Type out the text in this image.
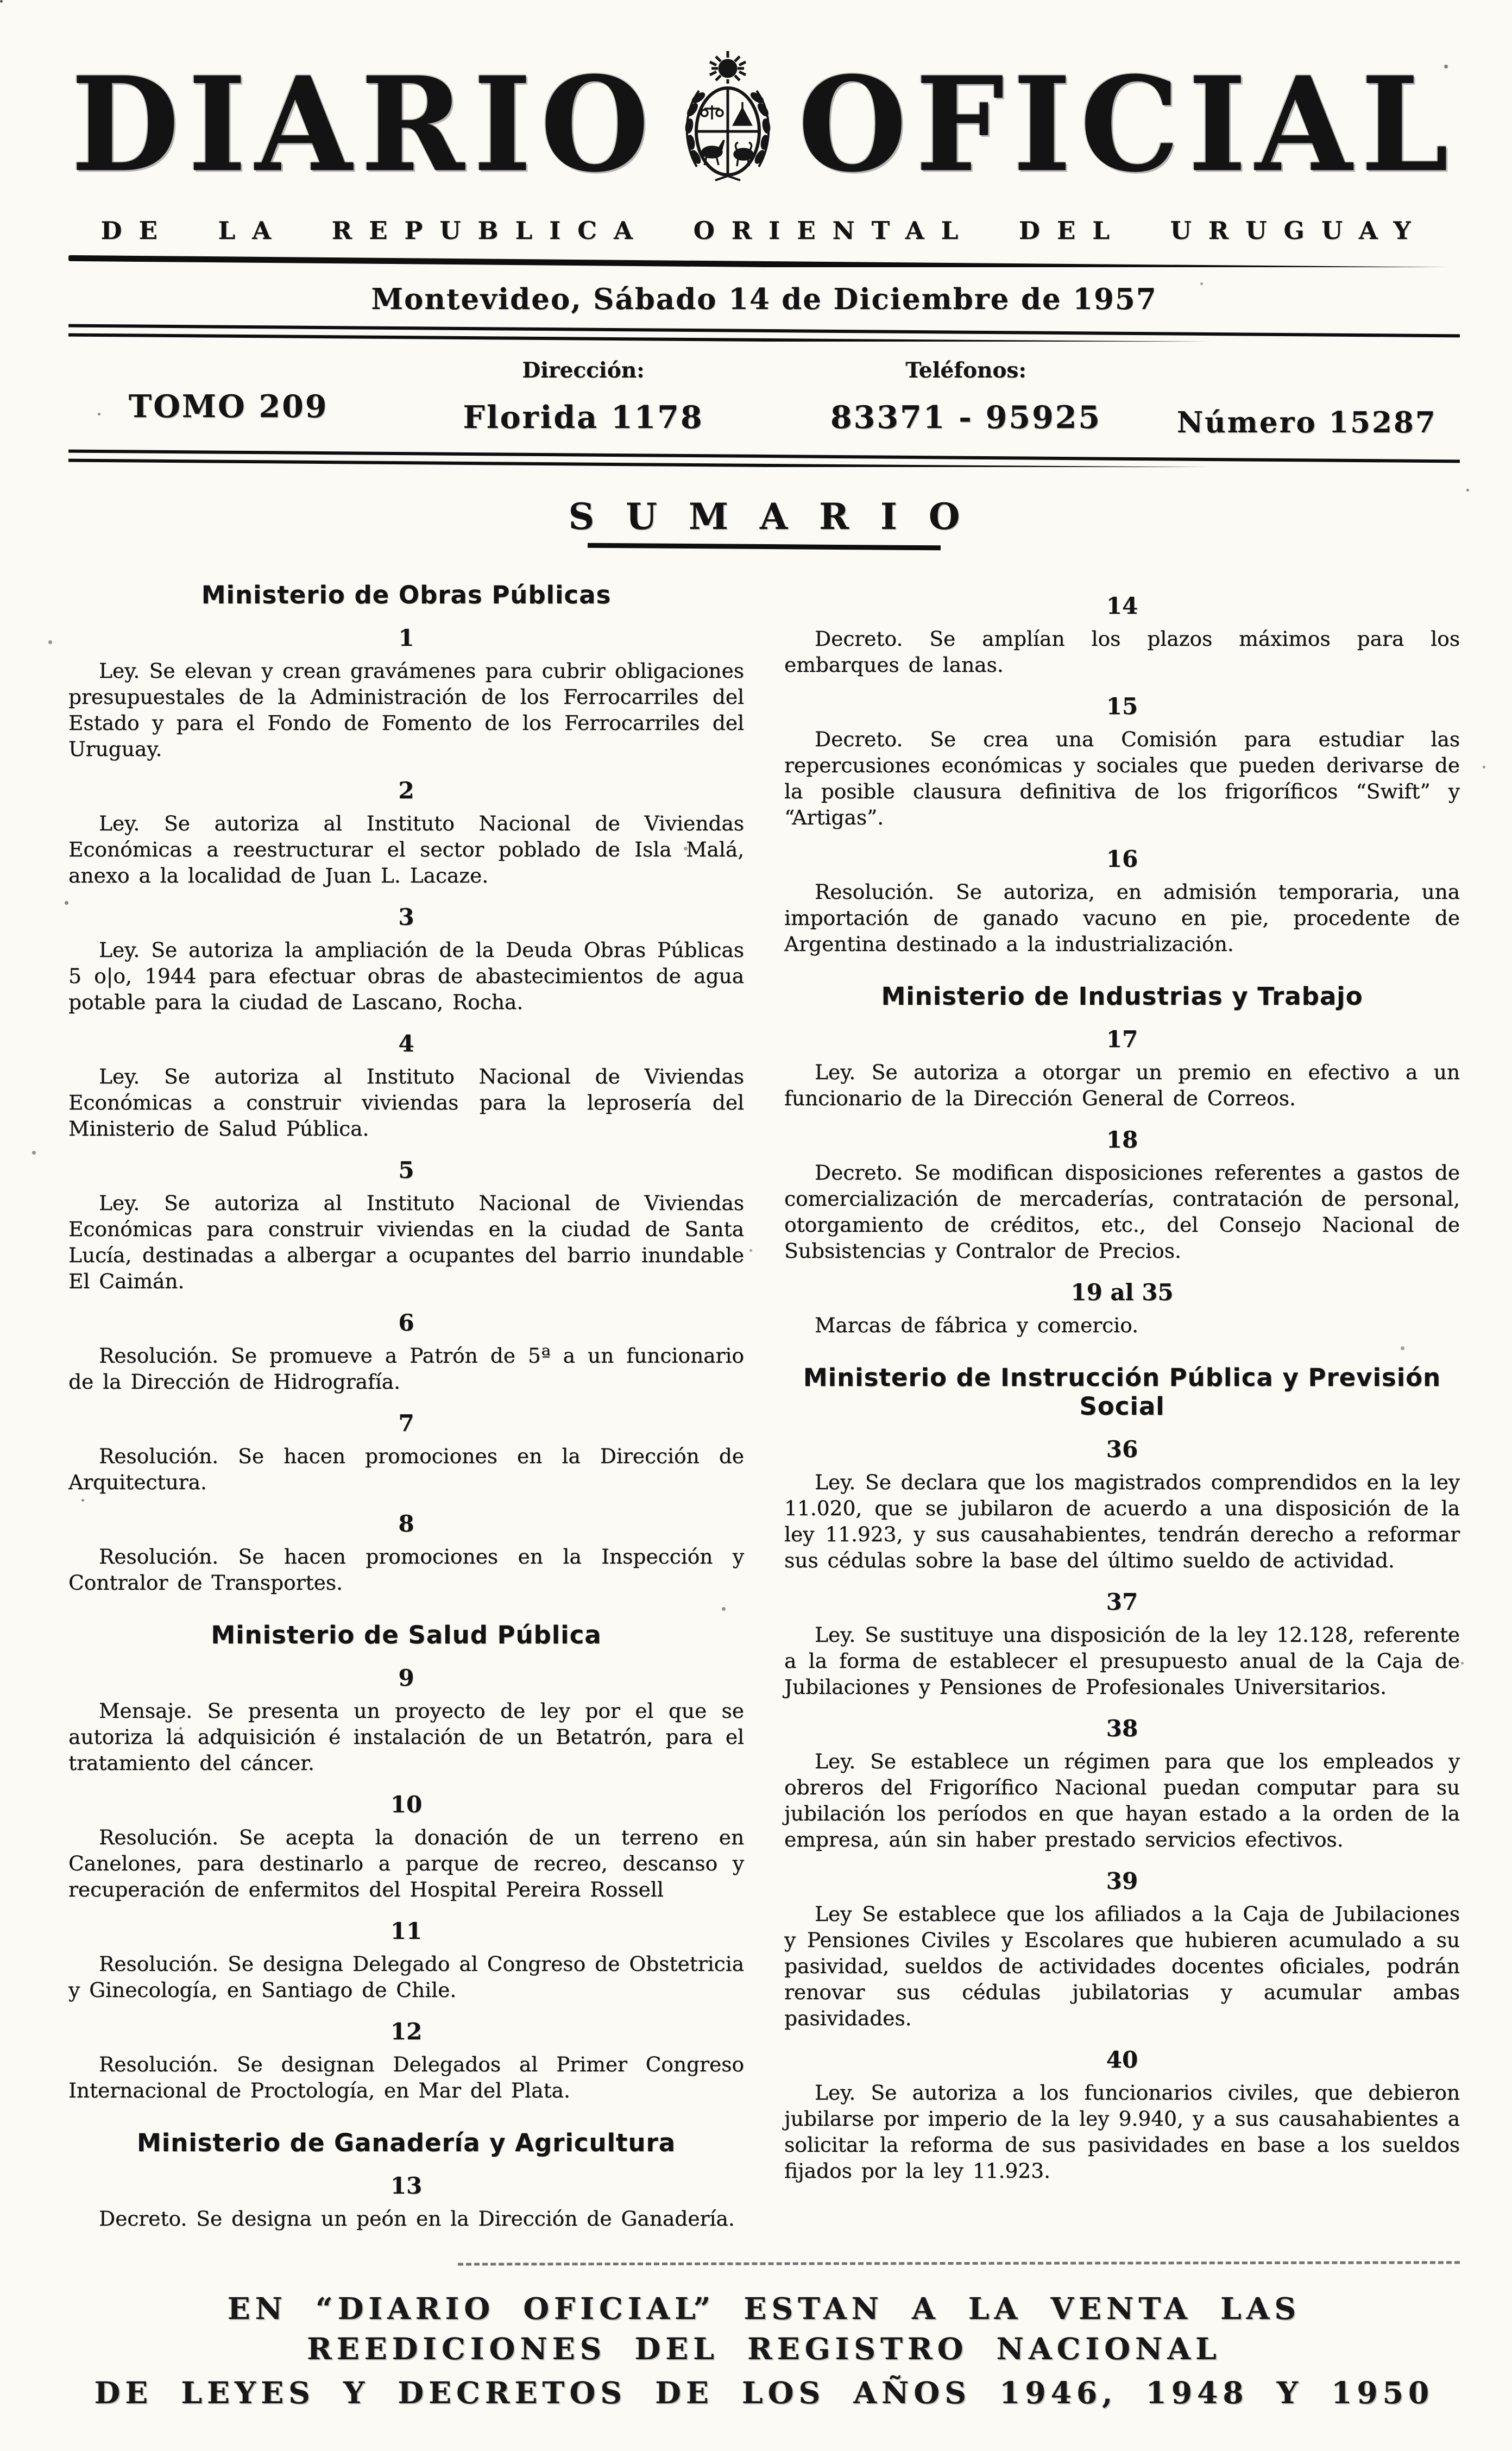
DIARIO OFICIAL
DE LA REPUBLICA ORIENTAL DEL URUGUAY
Montevideo, Sábado 14 de Diciembre de 1957
TOMO 209
Dirección:
Florida 1178
Teléfonos:
83371 - 95925	Número 15287
SUMARIO
Ministerio de Obras Públicas
1

Ley. Se elevan y crean gravámenes para cubrir obligaciones presupuestales de la Administración de los Ferrocarriles del Estado y para el Fondo de Fomento de los Ferrocarriles del Uruguay.

2

Ley. Se autoriza al Instituto Nacional de Viviendas Económicas a reestructurar el sector poblado de Isla Malá, anexo a la localidad de Juan L. Lacaze.

3

Ley. Se autoriza la ampliación de la Deuda Obras Públicas 5 o|o, 1944 para efectuar obras de abastecimientos de agua potable para la ciudad de Lascano, Rocha.

4

Ley. Se autoriza al Instituto Nacional de Viviendas Económicas a construir viviendas para la leprosería del Ministerio de Salud Pública.

5

Ley. Se autoriza al Instituto Nacional de Viviendas Económicas para construir viviendas en la ciudad de Santa Lucía, destinadas a albergar a ocupantes del barrio inundable El Caimán.

6

Resolución. Se promueve a Patrón de 5ª a un funcionario de la Dirección de Hidrografía.

7

Resolución. Se hacen promociones en la Dirección de Arquitectura.

8

Resolución. Se hacen promociones en la Inspección y Contralor de Transportes.

Ministerio de Salud Pública
9

Mensaje. Se presenta un proyecto de ley por el que se autoriza la adquisición é instalación de un Betatrón, para el tratamiento del cáncer.

10

Resolución. Se acepta la donación de un terreno en Canelones, para destinarlo a parque de recreo, descanso y recuperación de enfermitos del Hospital Pereira Rossell

11

Resolución. Se designa Delegado al Congreso de Obstetricia y Ginecología, en Santiago de Chile.

12

Resolución. Se designan Delegados al Primer Congreso Internacional de Proctología, en Mar del Plata.

Ministerio de Ganadería y Agricultura
13

Decreto. Se designa un peón en la Dirección de Ganadería.

14

Decreto. Se amplían los plazos máximos para los embarques de lanas.

15

Decreto. Se crea una Comisión para estudiar las repercusiones económicas y sociales que pueden derivarse de la posible clausura definitiva de los frigoríficos “Swift” y “Artigas”.

16

Resolución. Se autoriza, en admisión temporaria, una importación de ganado vacuno en pie, procedente de Argentina destinado a la industrialización.

Ministerio de Industrias y Trabajo
17

Ley. Se autoriza a otorgar un premio en efectivo a un funcionario de la Dirección General de Correos.

18

Decreto. Se modifican disposiciones referentes a gastos de comercialización de mercaderías, contratación de personal, otorgamiento de créditos, etc., del Consejo Nacional de Subsistencias y Contralor de Precios.

19 al 35

Marcas de fábrica y comercio.

Ministerio de Instrucción Pública y Previsión Social
36

Ley. Se declara que los magistrados comprendidos en la ley 11.020, que se jubilaron de acuerdo a una disposición de la ley 11.923, y sus causahabientes, tendrán derecho a reformar sus cédulas sobre la base del último sueldo de actividad.

37

Ley. Se sustituye una disposición de la ley 12.128, referente a la forma de establecer el presupuesto anual de la Caja de Jubilaciones y Pensiones de Profesionales Universitarios.

38

Ley. Se establece un régimen para que los empleados y obreros del Frigorífico Nacional puedan computar para su jubilación los períodos en que hayan estado a la orden de la empresa, aún sin haber prestado servicios efectivos.

39

Ley Se establece que los afiliados a la Caja de Jubilaciones y Pensiones Civiles y Escolares que hubieren acumulado a su pasividad, sueldos de actividades docentes oficiales, podrán renovar sus cédulas jubilatorias y acumular ambas pasividades.

40

Ley. Se autoriza a los funcionarios civiles, que debieron jubilarse por imperio de la ley 9.940, y a sus causahabientes a solicitar la reforma de sus pasividades en base a los sueldos fijados por la ley 11.923.

EN “DIARIO OFICIAL” ESTAN A LA VENTA LAS REEDICIONES DEL REGISTRO NACIONAL
DE LEYES Y DECRETOS DE LOS AÑOS 1946, 1948 Y 1950
